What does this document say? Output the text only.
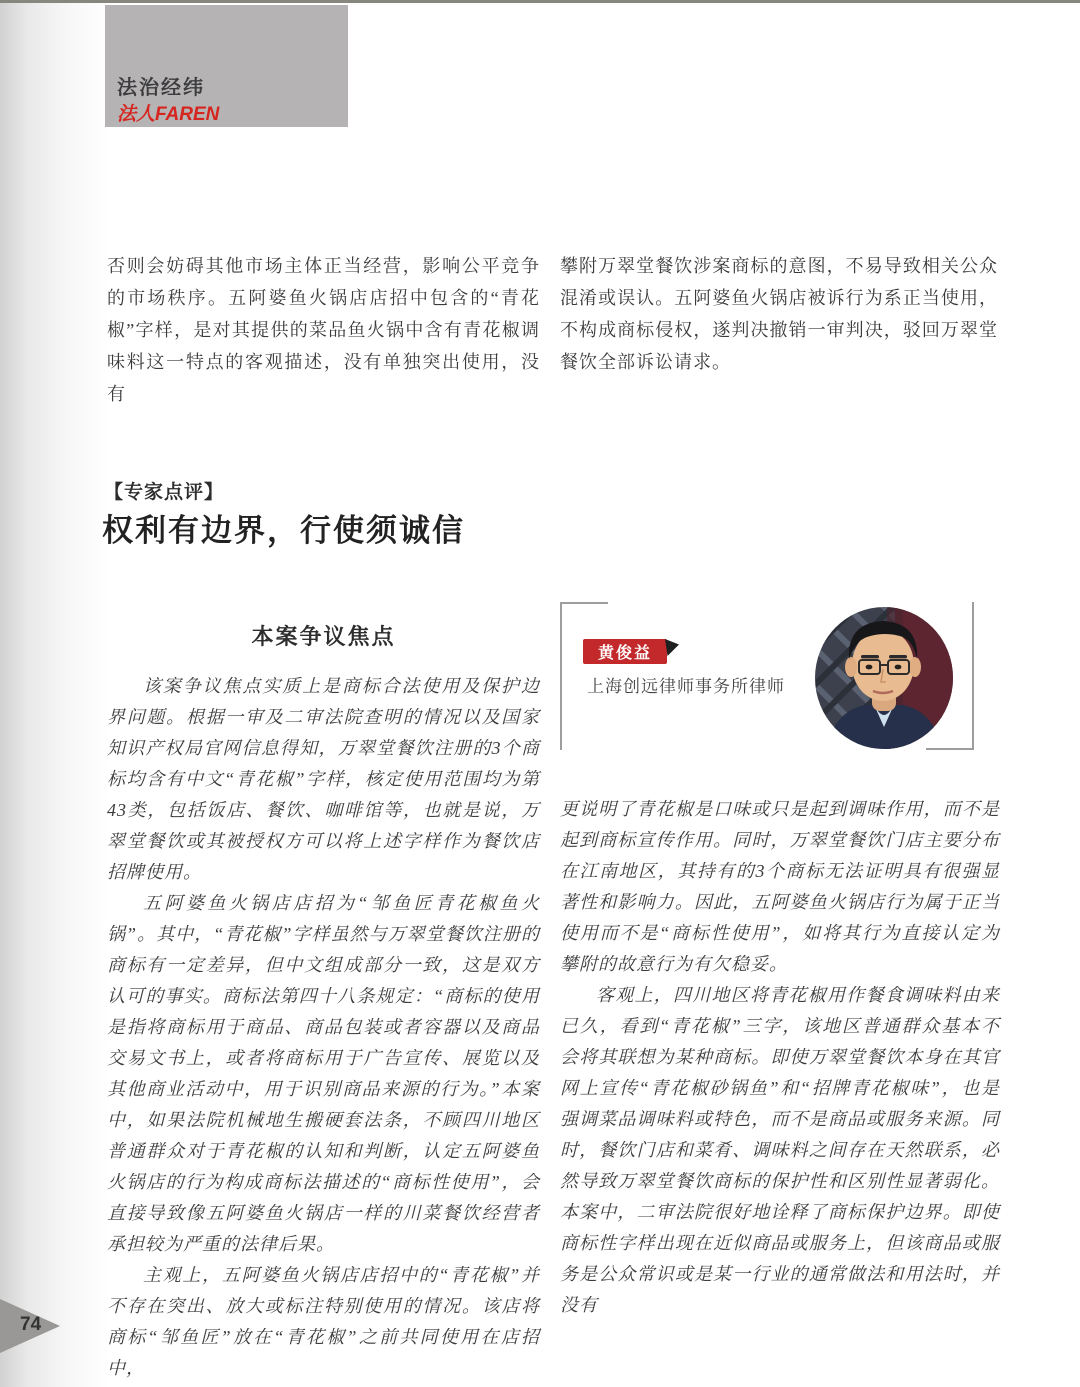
法治经纬
法人FAREN
否则会妨碍其他市场主体正当经营，影响公平竞争的市场秩序。五阿婆鱼火锅店店招中包含的“青花椒”字样，是对其提供的菜品鱼火锅中含有青花椒调味料这一特点的客观描述，没有单独突出使用，没有
攀附万翠堂餐饮涉案商标的意图，不易导致相关公众混淆或误认。五阿婆鱼火锅店被诉行为系正当使用，不构成商标侵权，遂判决撤销一审判决，驳回万翠堂餐饮全部诉讼请求。
【专家点评】
权利有边界，行使须诚信
黄俊益
上海创远律师事务所律师
本案争议焦点

该案争议焦点实质上是商标合法使用及保护边界问题。根据一审及二审法院查明的情况以及国家知识产权局官网信息得知，万翠堂餐饮注册的3个商标均含有中文“青花椒”字样，核定使用范围均为第43类，包括饭店、餐饮、咖啡馆等，也就是说，万翠堂餐饮或其被授权方可以将上述字样作为餐饮店招牌使用。

五阿婆鱼火锅店店招为“邹鱼匠青花椒鱼火锅”。其中，“青花椒”字样虽然与万翠堂餐饮注册的商标有一定差异，但中文组成部分一致，这是双方认可的事实。商标法第四十八条规定：“商标的使用是指将商标用于商品、商品包装或者容器以及商品交易文书上，或者将商标用于广告宣传、展览以及其他商业活动中，用于识别商品来源的行为。”本案中，如果法院机械地生搬硬套法条，不顾四川地区普通群众对于青花椒的认知和判断，认定五阿婆鱼火锅店的行为构成商标法描述的“商标性使用”，会直接导致像五阿婆鱼火锅店一样的川菜餐饮经营者承担较为严重的法律后果。

主观上，五阿婆鱼火锅店店招中的“青花椒”并不存在突出、放大或标注特别使用的情况。该店将商标“邹鱼匠”放在“青花椒”之前共同使用在店招中，

更说明了青花椒是口味或只是起到调味作用，而不是起到商标宣传作用。同时，万翠堂餐饮门店主要分布在江南地区，其持有的3个商标无法证明具有很强显著性和影响力。因此，五阿婆鱼火锅店行为属于正当使用而不是“商标性使用”，如将其行为直接认定为攀附的故意行为有欠稳妥。

客观上，四川地区将青花椒用作餐食调味料由来已久，看到“青花椒”三字，该地区普通群众基本不会将其联想为某种商标。即使万翠堂餐饮本身在其官网上宣传“青花椒砂锅鱼”和“招牌青花椒味”，也是强调菜品调味料或特色，而不是商品或服务来源。同时，餐饮门店和菜肴、调味料之间存在天然联系，必然导致万翠堂餐饮商标的保护性和区别性显著弱化。本案中，二审法院很好地诠释了商标保护边界。即使商标性字样出现在近似商品或服务上，但该商品或服务是公众常识或是某一行业的通常做法和用法时，并没有

74
